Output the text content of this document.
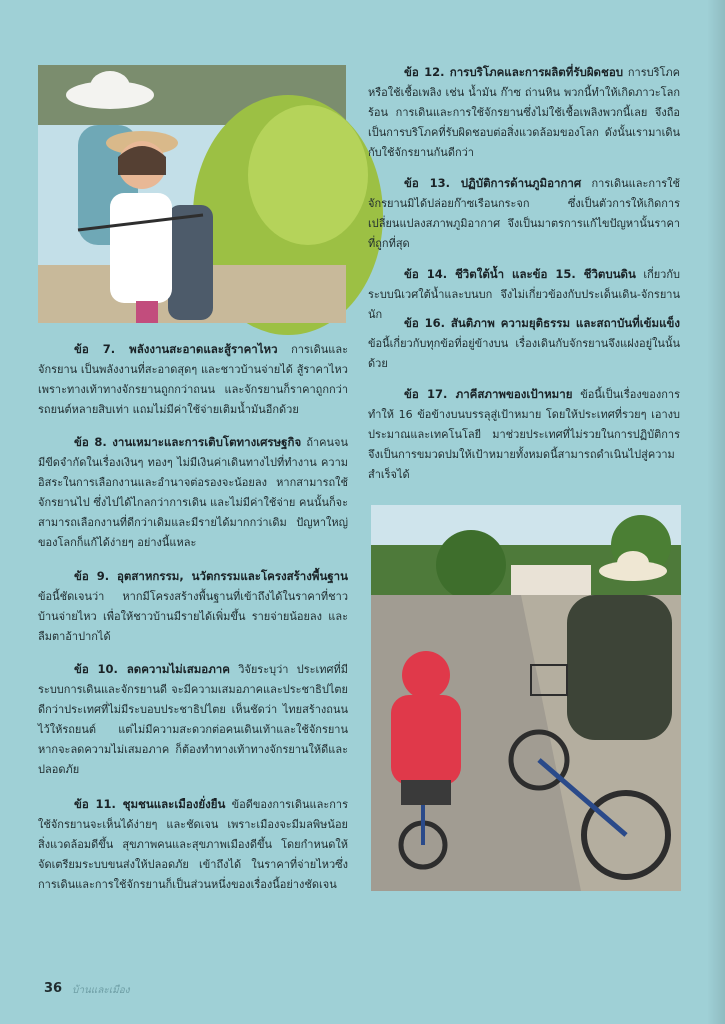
ข้อ 7. พลังงานสะอาดและสู้ราคาไหว การเดินและจักรยาน เป็นพลังงานที่สะอาดสุดๆ และชาวบ้านจ่ายได้ สู้ราคาไหวเพราะทางเท้าทางจักรยานถูกกว่าถนน และจักรยานก็ราคาถูกกว่ารถยนต์หลายสิบเท่า แถมไม่มีค่าใช้จ่ายเติมน้ำมันอีกด้วย
ข้อ 8. งานเหมาะและการเติบโตทางเศรษฐกิจ ถ้าคนจนมีขีดจำกัดในเรื่องเงินๆ ทองๆ ไม่มีเงินค่าเดินทางไปที่ทำงาน ความอิสระในการเลือกงานและอำนาจต่อรองจะน้อยลง หากสามารถใช้จักรยานไป ซึ่งไปได้ไกลกว่าการเดิน และไม่มีค่าใช้จ่าย คนนั้นก็จะสามารถเลือกงานที่ดีกว่าเดิมและมีรายได้มากกว่าเดิม ปัญหาใหญ่ของโลกก็แก้ได้ง่ายๆ อย่างนี้แหละ
ข้อ 9. อุตสาหกรรม, นวัตกรรมและโครงสร้างพื้นฐาน ข้อนี้ชัดเจนว่า หากมีโครงสร้างพื้นฐานที่เข้าถึงได้ในราคาที่ชาวบ้านจ่ายไหว เพื่อให้ชาวบ้านมีรายได้เพิ่มขึ้น รายจ่ายน้อยลง และลืมตาอ้าปากได้
ข้อ 10. ลดความไม่เสมอภาค วิจัยระบุว่า ประเทศที่มีระบบการเดินและจักรยานดี จะมีความเสมอภาคและประชาธิปไตยดีกว่าประเทศที่ไม่มีระบอบประชาธิปไตย เห็นชัดว่า ไทยสร้างถนนไว้ให้รถยนต์ แต่ไม่มีความสะดวกต่อคนเดินเท้าและใช้จักรยาน หากจะลดความไม่เสมอภาค ก็ต้องทำทางเท้าทางจักรยานให้ดีและปลอดภัย
ข้อ 11. ชุมชนและเมืองยั่งยืน ข้อดีของการเดินและการใช้จักรยานจะเห็นได้ง่ายๆ และชัดเจน เพราะเมืองจะมีมลพิษน้อย สิ่งแวดล้อมดีขึ้น สุขภาพคนและสุขภาพเมืองดีขึ้น โดยกำหนดให้จัดเตรียมระบบขนส่งให้ปลอดภัย เข้าถึงได้ ในราคาที่จ่ายไหวซึ่งการเดินและการใช้จักรยานก็เป็นส่วนหนึ่งของเรื่องนี้อย่างชัดเจน
ข้อ 12. การบริโภคและการผลิตที่รับผิดชอบ การบริโภคหรือใช้เชื้อเพลิง เช่น น้ำมัน ก๊าซ ถ่านหิน พวกนี้ทำให้เกิดภาวะโลกร้อน การเดินและการใช้จักรยานซึ่งไม่ใช้เชื้อเพลิงพวกนี้เลย จึงถือเป็นการบริโภคที่รับผิดชอบต่อสิ่งแวดล้อมของโลก ดังนั้นเรามาเดินกับใช้จักรยานกันดีกว่า
ข้อ 13. ปฏิบัติการด้านภูมิอากาศ การเดินและการใช้จักรยานมิได้ปล่อยก๊าซเรือนกระจก ซึ่งเป็นตัวการให้เกิดการเปลี่ยนแปลงสภาพภูมิอากาศ จึงเป็นมาตรการแก้ไขปัญหานั้นราคาที่ถูกที่สุด
ข้อ 14. ชีวิตใต้น้ำ และข้อ 15. ชีวิตบนดิน เกี่ยวกับระบบนิเวศใต้น้ำและบนบก จึงไม่เกี่ยวข้องกับประเด็นเดิน-จักรยานนัก
ข้อ 16. สันติภาพ ความยุติธรรม และสถาบันที่เข้มแข็ง ข้อนี้เกี่ยวกับทุกข้อที่อยู่ข้างบน เรื่องเดินกับจักรยานจึงแฝงอยู่ในนั้นด้วย
ข้อ 17. ภาคีสภาพของเป้าหมาย ข้อนี้เป็นเรื่องของการทำให้ 16 ข้อข้างบนบรรลุสู่เป้าหมาย โดยให้ประเทศที่รวยๆ เอางบประมาณและเทคโนโลยี มาช่วยประเทศที่ไม่รวยในการปฏิบัติการ จึงเป็นการขมวดปมให้เป้าหมายทั้งหมดนี้สามารถดำเนินไปสู่ความสำเร็จได้
36 บ้านและเมือง
